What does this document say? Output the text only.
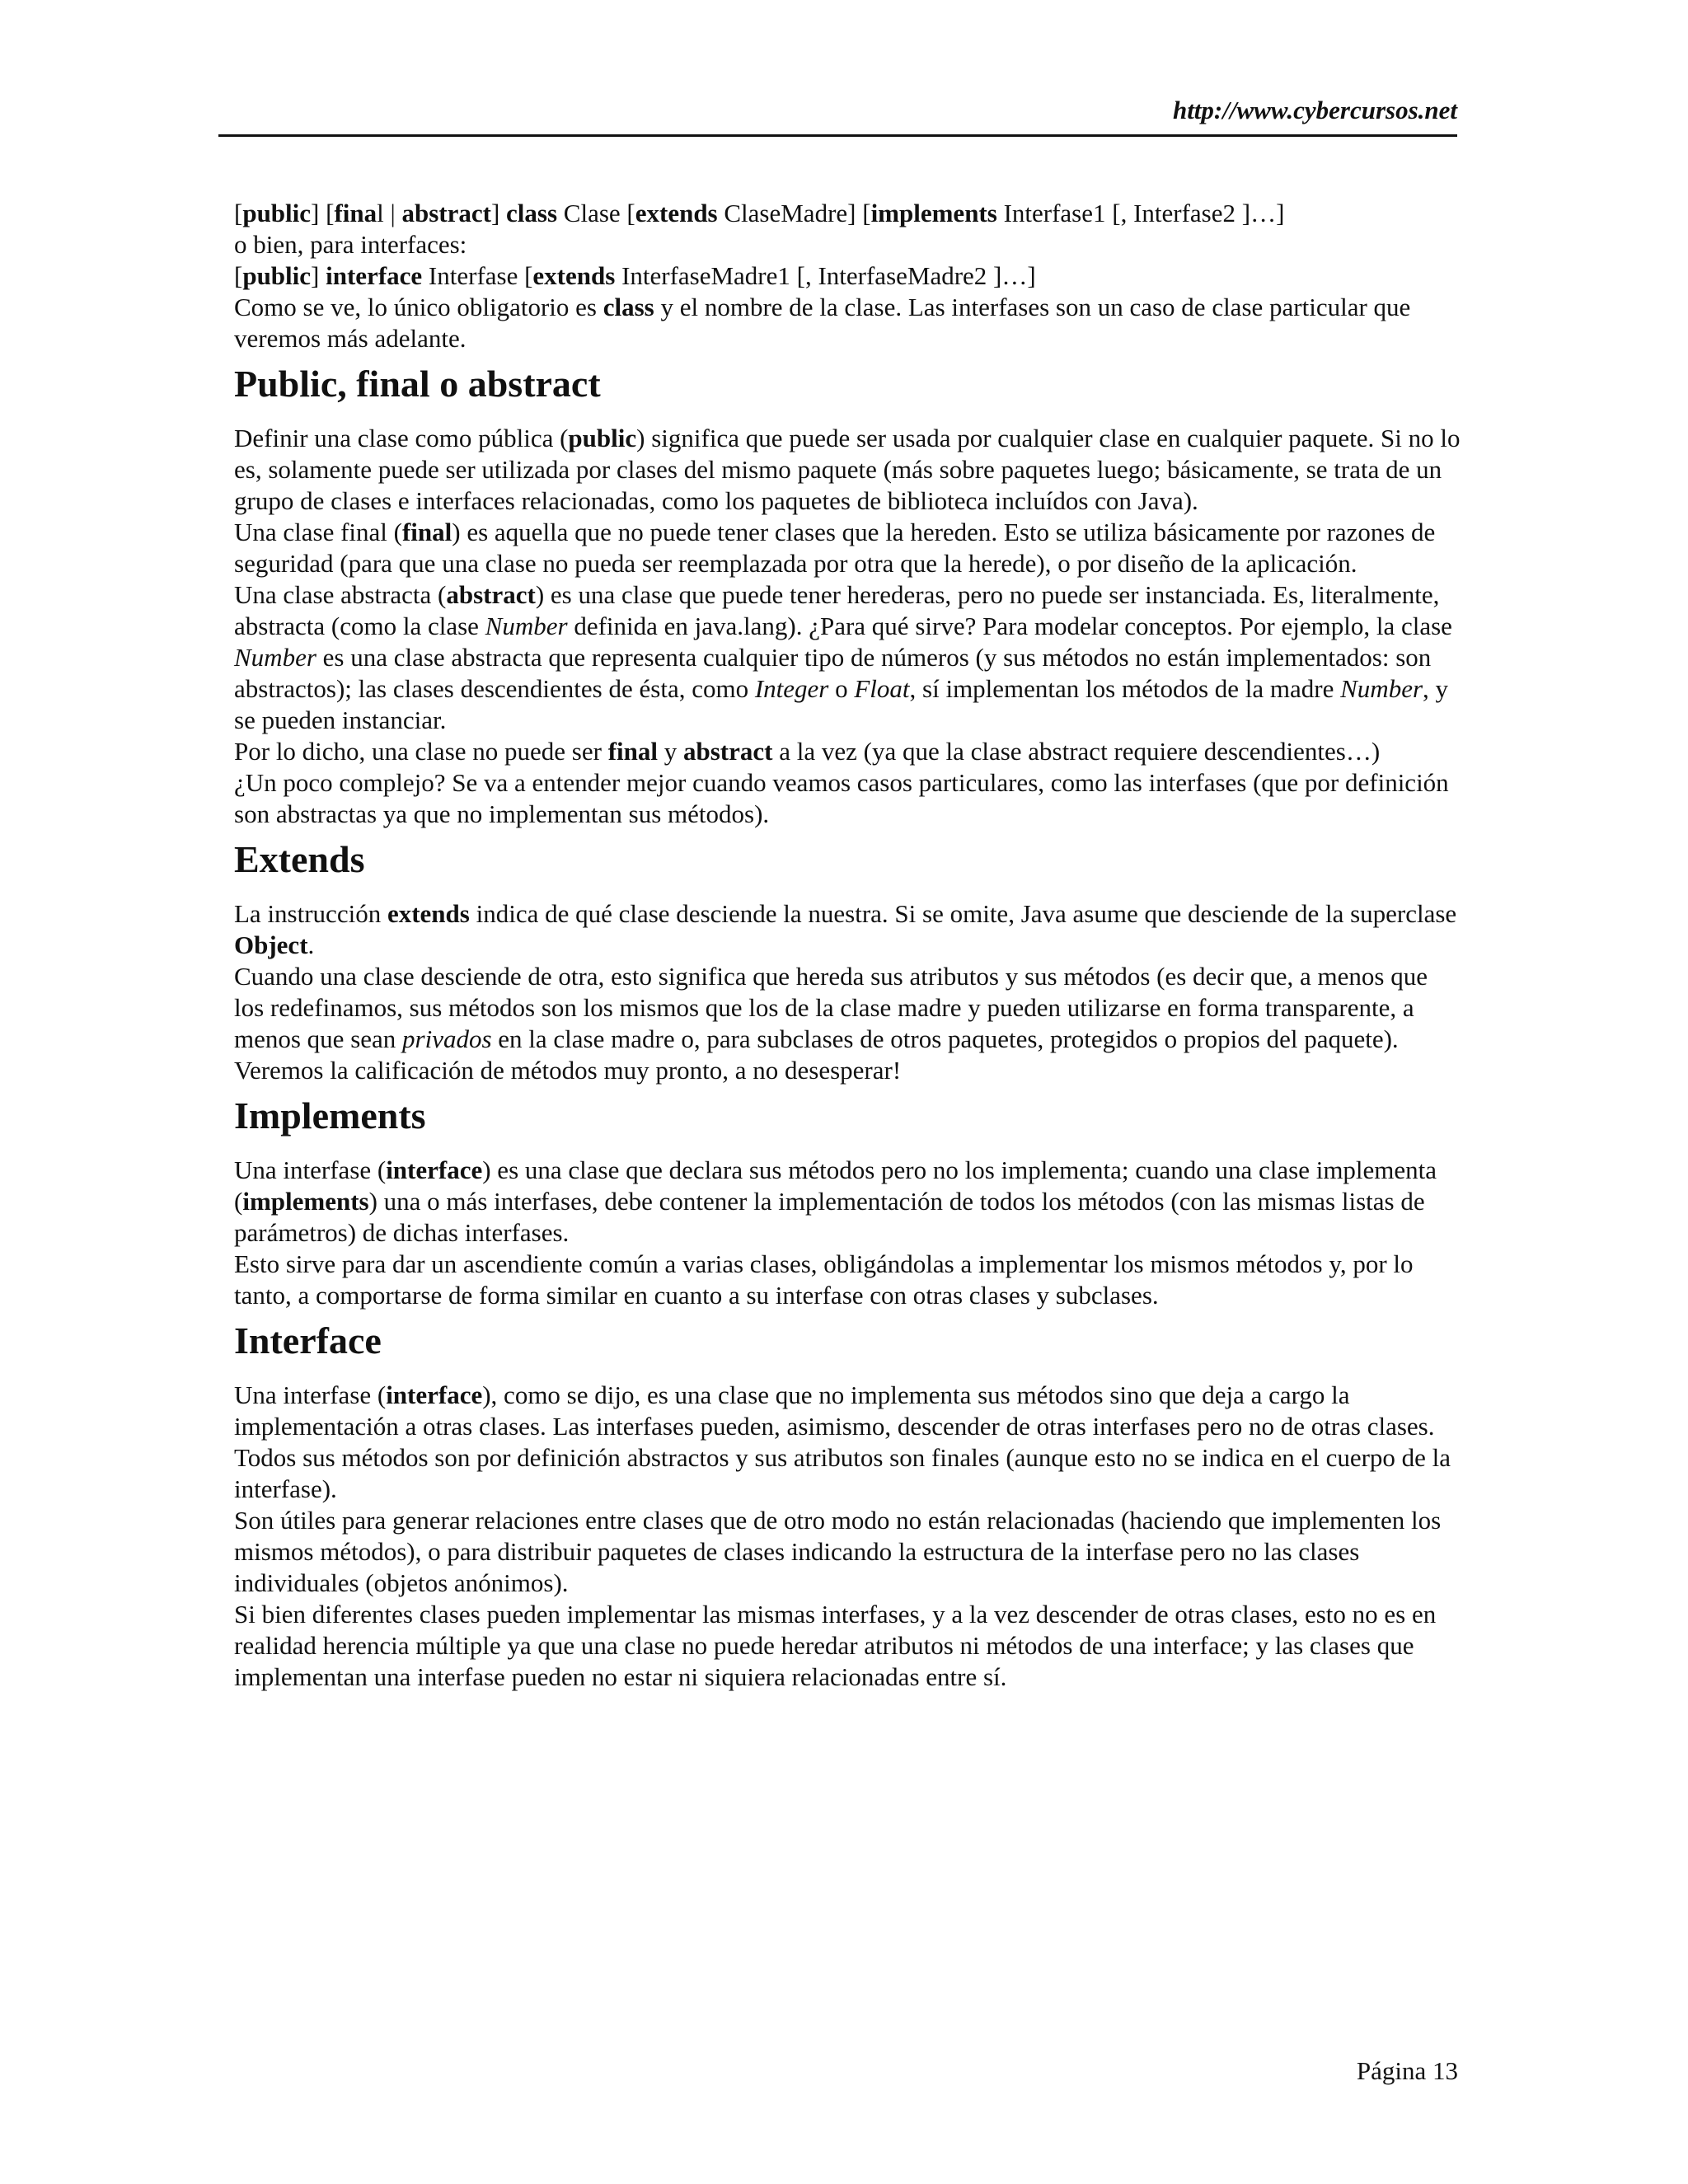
http://www.cybercursos.net

[public] [final | abstract] class Clase [extends ClaseMadre] [implements Interfase1 [, Interfase2 ]…]

o bien, para interfaces:

[public] interface Interfase [extends InterfaseMadre1 [, InterfaseMadre2 ]…]

Como se ve, lo único obligatorio es class y el nombre de la clase. Las interfases son un caso de clase particular que veremos más adelante.

Public, final o abstract

Definir una clase como pública (public) significa que puede ser usada por cualquier clase en cualquier paquete. Si no lo es, solamente puede ser utilizada por clases del mismo paquete (más sobre paquetes luego; básicamente, se trata de un grupo de clases e interfaces relacionadas, como los paquetes de biblioteca incluídos con Java).

Una clase final (final) es aquella que no puede tener clases que la hereden. Esto se utiliza básicamente por razones de seguridad (para que una clase no pueda ser reemplazada por otra que la herede), o por diseño de la aplicación.

Una clase abstracta (abstract) es una clase que puede tener herederas, pero no puede ser instanciada. Es, literalmente, abstracta (como la clase Number definida en java.lang). ¿Para qué sirve? Para modelar conceptos. Por ejemplo, la clase Number es una clase abstracta que representa cualquier tipo de números (y sus métodos no están implementados: son abstractos); las clases descendientes de ésta, como Integer o Float, sí implementan los métodos de la madre Number, y se pueden instanciar.

Por lo dicho, una clase no puede ser final y abstract a la vez (ya que la clase abstract requiere descendientes…)

¿Un poco complejo? Se va a entender mejor cuando veamos casos particulares, como las interfases (que por definición son abstractas ya que no implementan sus métodos).

Extends

La instrucción extends indica de qué clase desciende la nuestra. Si se omite, Java asume que desciende de la superclase Object.

Cuando una clase desciende de otra, esto significa que hereda sus atributos y sus métodos (es decir que, a menos que los redefinamos, sus métodos son los mismos que los de la clase madre y pueden utilizarse en forma transparente, a menos que sean privados en la clase madre o, para subclases de otros paquetes, protegidos o propios del paquete). Veremos la calificación de métodos muy pronto, a no desesperar!

Implements

Una interfase (interface) es una clase que declara sus métodos pero no los implementa; cuando una clase implementa (implements) una o más interfases, debe contener la implementación de todos los métodos (con las mismas listas de parámetros) de dichas interfases.

Esto sirve para dar un ascendiente común a varias clases, obligándolas a implementar los mismos métodos y, por lo tanto, a comportarse de forma similar en cuanto a su interfase con otras clases y subclases.

Interface

Una interfase (interface), como se dijo, es una clase que no implementa sus métodos sino que deja a cargo la implementación a otras clases. Las interfases pueden, asimismo, descender de otras interfases pero no de otras clases.

Todos sus métodos son por definición abstractos y sus atributos son finales (aunque esto no se indica en el cuerpo de la interfase).

Son útiles para generar relaciones entre clases que de otro modo no están relacionadas (haciendo que implementen los mismos métodos), o para distribuir paquetes de clases indicando la estructura de la interfase pero no las clases individuales (objetos anónimos).

Si bien diferentes clases pueden implementar las mismas interfases, y a la vez descender de otras clases, esto no es en realidad herencia múltiple ya que una clase no puede heredar atributos ni métodos de una interface; y las clases que implementan una interfase pueden no estar ni siquiera relacionadas entre sí.

Página 13
